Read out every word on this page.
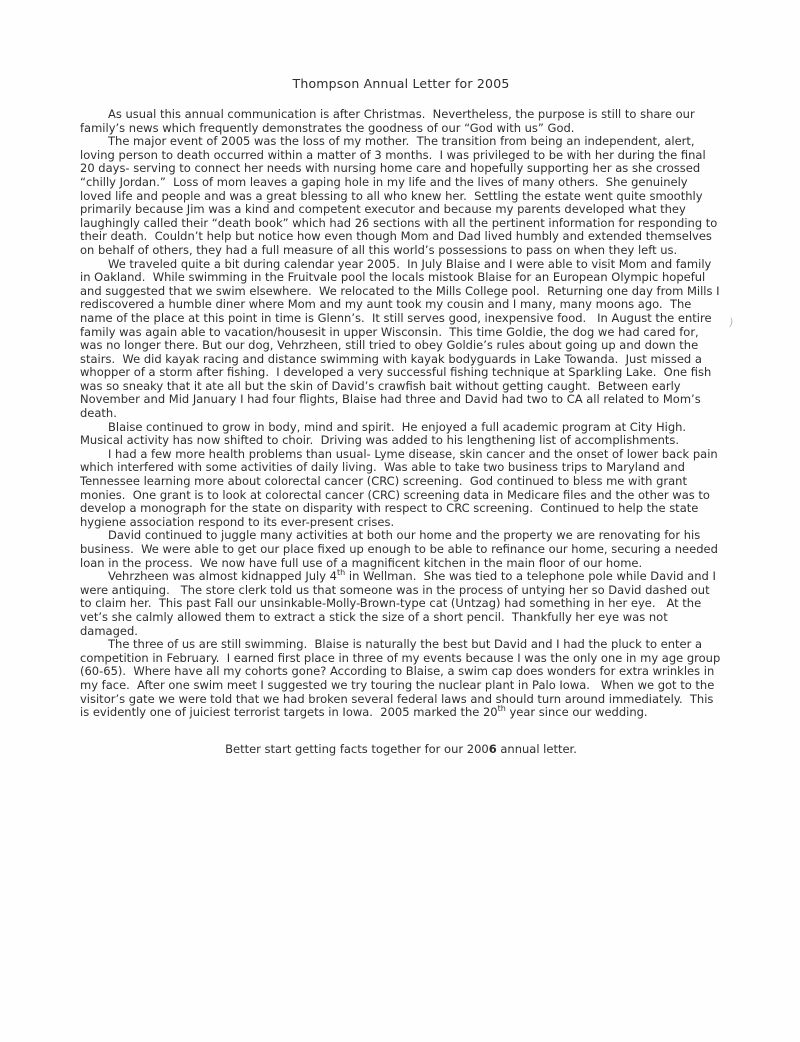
Thompson Annual Letter for 2005

As usual this annual communication is after Christmas.  Nevertheless, the purpose is still to share our family’s news which frequently demonstrates the goodness of our “God with us” God.

The major event of 2005 was the loss of my mother.  The transition from being an independent, alert, loving person to death occurred within a matter of 3 months.  I was privileged to be with her during the final 20 days- serving to connect her needs with nursing home care and hopefully supporting her as she crossed “chilly Jordan.”  Loss of mom leaves a gaping hole in my life and the lives of many others.  She genuinely loved life and people and was a great blessing to all who knew her.  Settling the estate went quite smoothly primarily because Jim was a kind and competent executor and because my parents developed what they laughingly called their “death book” which had 26 sections with all the pertinent information for responding to their death.  Couldn’t help but notice how even though Mom and Dad lived humbly and extended themselves on behalf of others, they had a full measure of all this world’s possessions to pass on when they left us.

We traveled quite a bit during calendar year 2005.  In July Blaise and I were able to visit Mom and family in Oakland.  While swimming in the Fruitvale pool the locals mistook Blaise for an European Olympic hopeful and suggested that we swim elsewhere.  We relocated to the Mills College pool.  Returning one day from Mills I rediscovered a humble diner where Mom and my aunt took my cousin and I many, many moons ago.  The name of the place at this point in time is Glenn’s.  It still serves good, inexpensive food.   In August the entire family was again able to vacation/housesit in upper Wisconsin.  This time Goldie, the dog we had cared for, was no longer there. But our dog, Vehrzheen, still tried to obey Goldie’s rules about going up and down the stairs.  We did kayak racing and distance swimming with kayak bodyguards in Lake Towanda.  Just missed a whopper of a storm after fishing.  I developed a very successful fishing technique at Sparkling Lake.  One fish was so sneaky that it ate all but the skin of David’s crawfish bait without getting caught.  Between early November and Mid January I had four flights, Blaise had three and David had two to CA all related to Mom’s death.

Blaise continued to grow in body, mind and spirit.  He enjoyed a full academic program at City High.  Musical activity has now shifted to choir.  Driving was added to his lengthening list of accomplishments.

I had a few more health problems than usual- Lyme disease, skin cancer and the onset of lower back pain which interfered with some activities of daily living.  Was able to take two business trips to Maryland and Tennessee learning more about colorectal cancer (CRC) screening.  God continued to bless me with grant monies.  One grant is to look at colorectal cancer (CRC) screening data in Medicare files and the other was to develop a monograph for the state on disparity with respect to CRC screening.  Continued to help the state hygiene association respond to its ever-present crises.

David continued to juggle many activities at both our home and the property we are renovating for his business.  We were able to get our place fixed up enough to be able to refinance our home, securing a needed loan in the process.  We now have full use of a magnificent kitchen in the main floor of our home.

Vehrzheen was almost kidnapped July 4th in Wellman.  She was tied to a telephone pole while David and I were antiquing.   The store clerk told us that someone was in the process of untying her so David dashed out to claim her.  This past Fall our unsinkable-Molly-Brown-type cat (Untzag) had something in her eye.   At the vet’s she calmly allowed them to extract a stick the size of a short pencil.  Thankfully her eye was not damaged.

The three of us are still swimming.  Blaise is naturally the best but David and I had the pluck to enter a competition in February.  I earned first place in three of my events because I was the only one in my age group (60-65).  Where have all my cohorts gone? According to Blaise, a swim cap does wonders for extra wrinkles in my face.  After one swim meet I suggested we try touring the nuclear plant in Palo Iowa.   When we got to the visitor’s gate we were told that we had broken several federal laws and should turn around immediately.  This is evidently one of juiciest terrorist targets in Iowa.  2005 marked the 20th year since our wedding.

Better start getting facts together for our 2006 annual letter.
)
